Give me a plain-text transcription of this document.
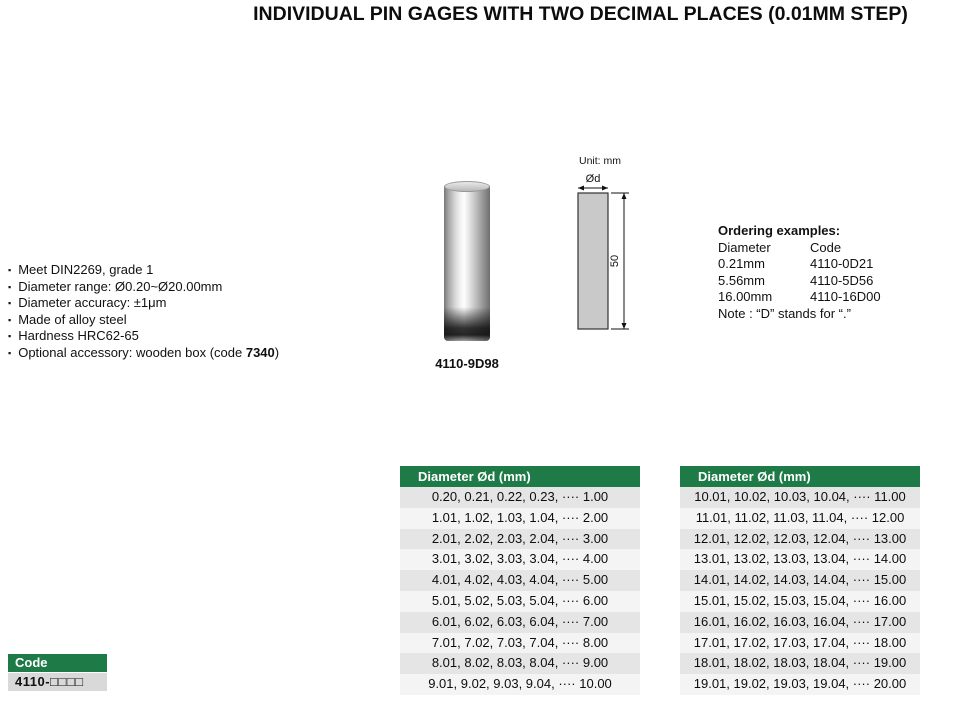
INDIVIDUAL PIN GAGES WITH TWO DECIMAL PLACES (0.01MM STEP)
▪ Meet DIN2269, grade 1
▪ Diameter range: Ø0.20~Ø20.00mm
▪ Diameter accuracy: ±1μm
▪ Made of alloy steel
▪ Hardness HRC62-65
▪ Optional accessory: wooden box (code 7340)
4110-9D98
Unit: mm
Ød
50
Ordering examples:
Diameter	Code
0.21mm	4110-0D21
5.56mm	4110-5D56
16.00mm	4110-16D00
Note : “D” stands for “.”
Code
4110-□□□□
Diameter Ød (mm)
0.20, 0.21, 0.22, 0.23, ···· 1.00
1.01, 1.02, 1.03, 1.04, ···· 2.00
2.01, 2.02, 2.03, 2.04, ···· 3.00
3.01, 3.02, 3.03, 3.04, ···· 4.00
4.01, 4.02, 4.03, 4.04, ···· 5.00
5.01, 5.02, 5.03, 5.04, ···· 6.00
6.01, 6.02, 6.03, 6.04, ···· 7.00
7.01, 7.02, 7.03, 7.04, ···· 8.00
8.01, 8.02, 8.03, 8.04, ···· 9.00
9.01, 9.02, 9.03, 9.04, ···· 10.00
Diameter Ød (mm)
10.01, 10.02, 10.03, 10.04, ···· 11.00
11.01, 11.02, 11.03, 11.04, ···· 12.00
12.01, 12.02, 12.03, 12.04, ···· 13.00
13.01, 13.02, 13.03, 13.04, ···· 14.00
14.01, 14.02, 14.03, 14.04, ···· 15.00
15.01, 15.02, 15.03, 15.04, ···· 16.00
16.01, 16.02, 16.03, 16.04, ···· 17.00
17.01, 17.02, 17.03, 17.04, ···· 18.00
18.01, 18.02, 18.03, 18.04, ···· 19.00
19.01, 19.02, 19.03, 19.04, ···· 20.00
